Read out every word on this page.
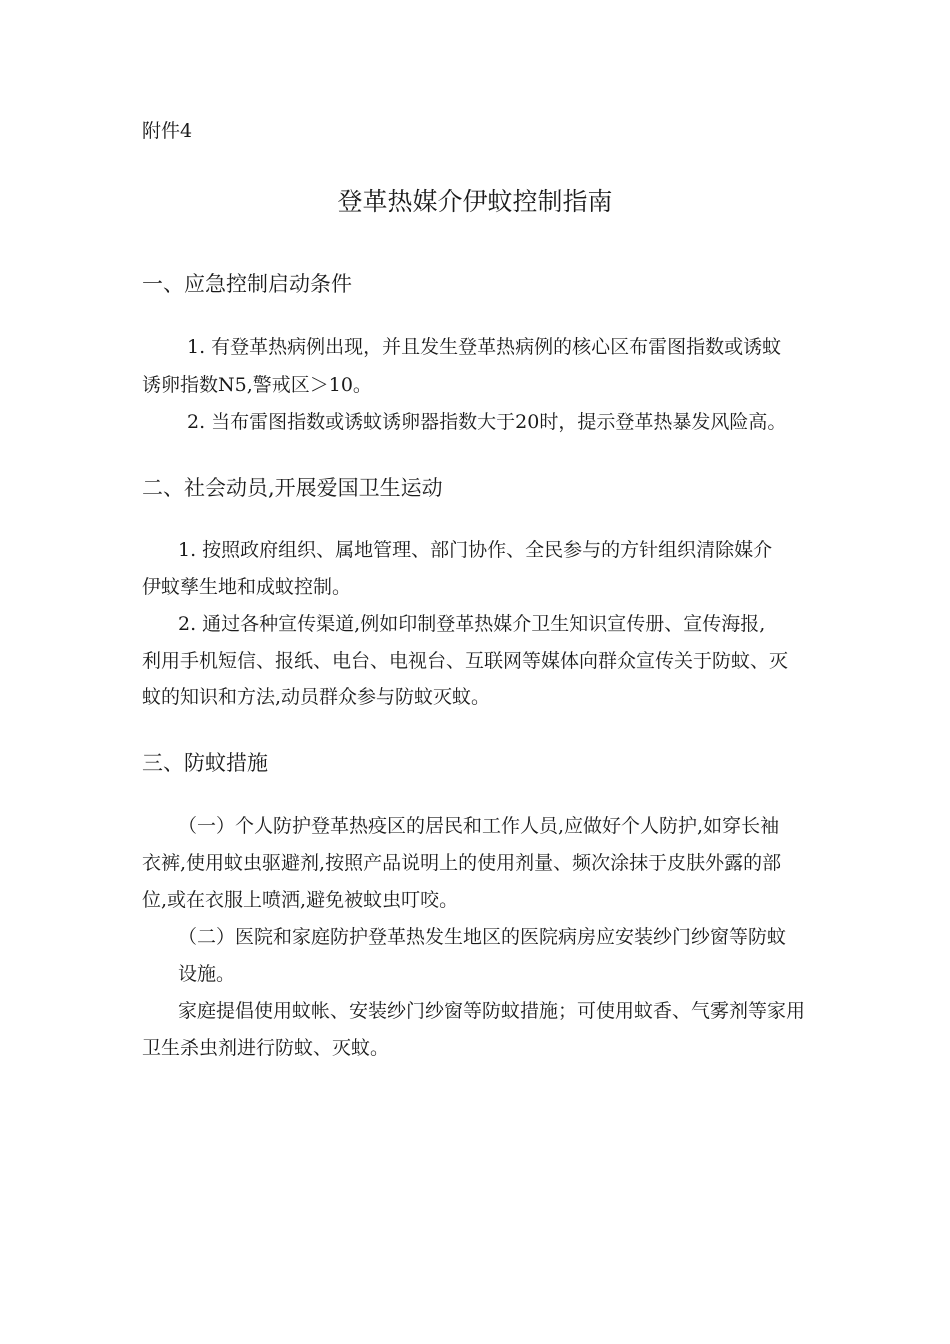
附件4
登革热媒介伊蚊控制指南
一、应急控制启动条件
1. 有登革热病例出现，并且发生登革热病例的核心区布雷图指数或诱蚊
诱卵指数N5,警戒区＞10。
2. 当布雷图指数或诱蚊诱卵器指数大于20时，提示登革热暴发风险高。
二、社会动员,开展爱国卫生运动
1. 按照政府组织、属地管理、部门协作、全民参与的方针组织清除媒介
伊蚊孳生地和成蚊控制。
2. 通过各种宣传渠道,例如印制登革热媒介卫生知识宣传册、宣传海报,
利用手机短信、报纸、电台、电视台、互联网等媒体向群众宣传关于防蚊、灭
蚊的知识和方法,动员群众参与防蚊灭蚊。
三、防蚊措施
（一）个人防护登革热疫区的居民和工作人员,应做好个人防护,如穿长袖
衣裤,使用蚊虫驱避剂,按照产品说明上的使用剂量、频次涂抹于皮肤外露的部
位,或在衣服上喷洒,避免被蚊虫叮咬。
（二）医院和家庭防护登革热发生地区的医院病房应安装纱门纱窗等防蚊
设施。
家庭提倡使用蚊帐、安装纱门纱窗等防蚊措施；可使用蚊香、气雾剂等家用
卫生杀虫剂进行防蚊、灭蚊。
